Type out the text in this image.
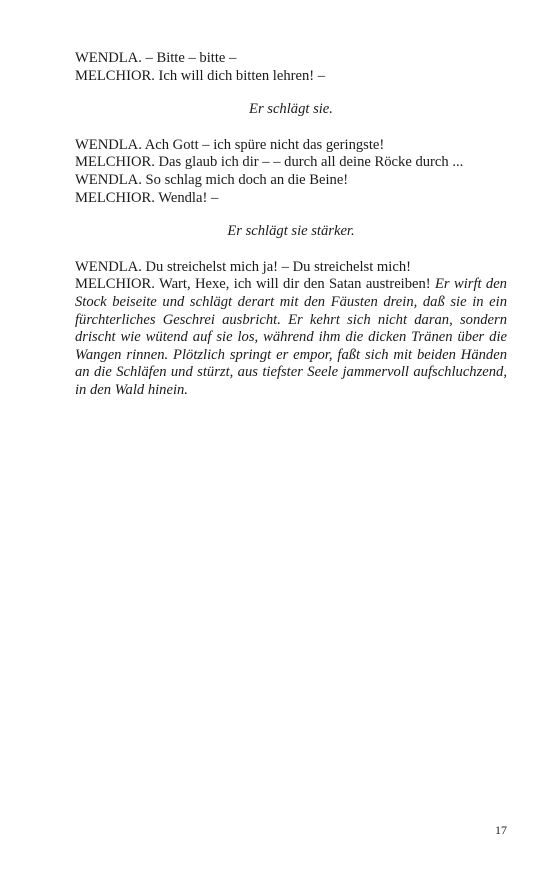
WENDLA. – Bitte – bitte –
MELCHIOR. Ich will dich bitten lehren! –
Er schlägt sie.
WENDLA. Ach Gott – ich spüre nicht das geringste!
MELCHIOR. Das glaub ich dir – – durch all deine Röcke durch ...
WENDLA. So schlag mich doch an die Beine!
MELCHIOR. Wendla! –
Er schlägt sie stärker.
WENDLA. Du streichelst mich ja! – Du streichelst mich!
MELCHIOR. Wart, Hexe, ich will dir den Satan austreiben! Er wirft den Stock beiseite und schlägt derart mit den Fäusten drein, daß sie in ein fürchterliches Geschrei ausbricht. Er kehrt sich nicht daran, sondern drischt wie wütend auf sie los, während ihm die dicken Tränen über die Wangen rinnen. Plötzlich springt er empor, faßt sich mit beiden Händen an die Schläfen und stürzt, aus tiefster Seele jammervoll aufschluchzend, in den Wald hinein.
17
